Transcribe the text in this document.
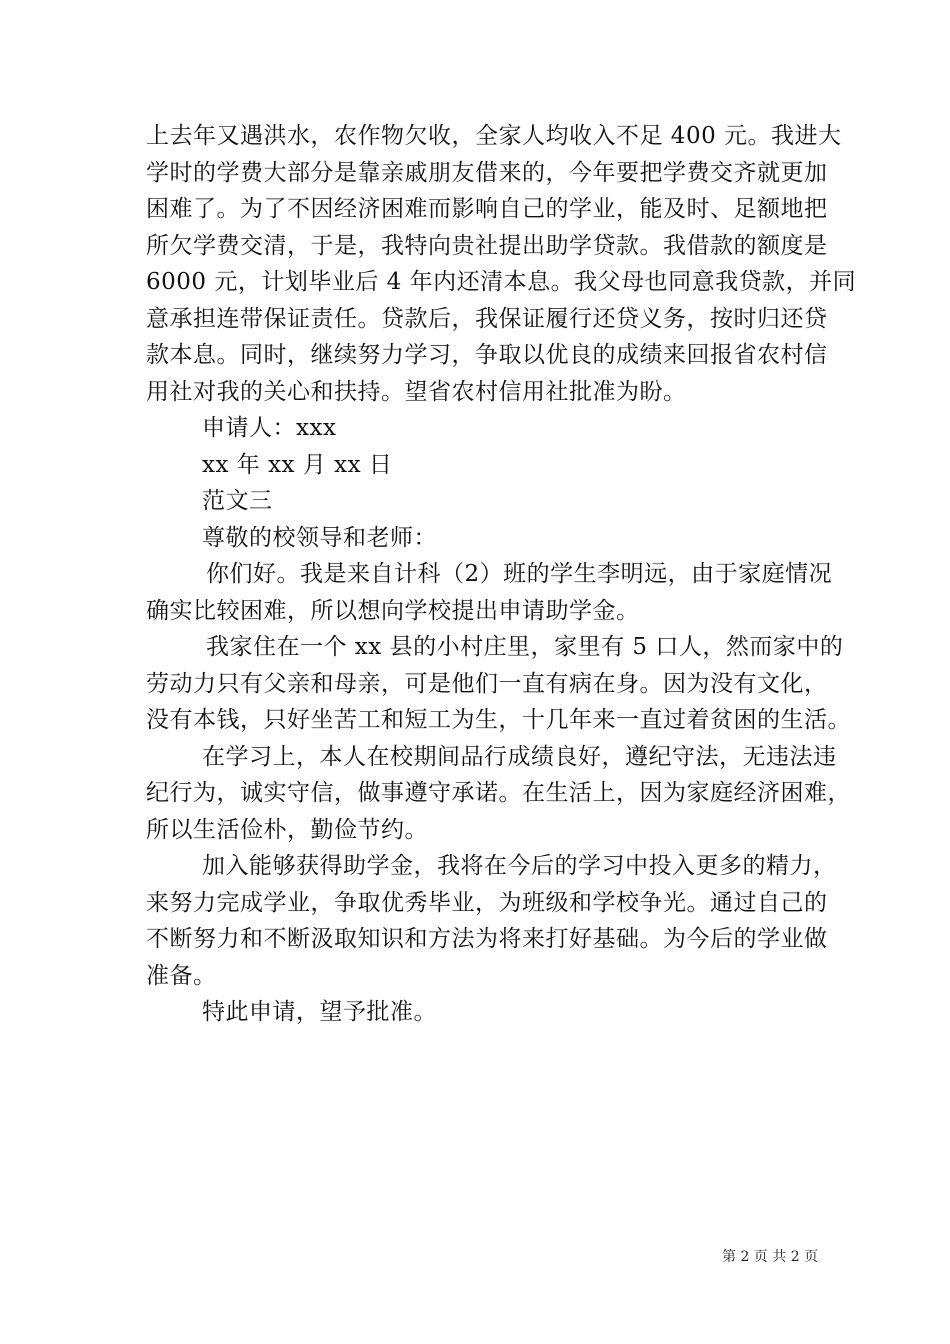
上去年又遇洪水，农作物欠收，全家人均收入不足 400 元。我进大
学时的学费大部分是靠亲戚朋友借来的，今年要把学费交齐就更加
困难了。为了不因经济困难而影响自己的学业，能及时、足额地把
所欠学费交清，于是，我特向贵社提出助学贷款。我借款的额度是
6000 元，计划毕业后 4 年内还清本息。我父母也同意我贷款，并同
意承担连带保证责任。贷款后，我保证履行还贷义务，按时归还贷
款本息。同时，继续努力学习，争取以优良的成绩来回报省农村信
用社对我的关心和扶持。望省农村信用社批准为盼。
申请人：xxx
xx 年 xx 月 xx 日
范文三
尊敬的校领导和老师：
你们好。我是来自计科（2）班的学生李明远，由于家庭情况
确实比较困难，所以想向学校提出申请助学金。
我家住在一个 xx 县的小村庄里，家里有 5 口人，然而家中的
劳动力只有父亲和母亲，可是他们一直有病在身。因为没有文化，
没有本钱，只好坐苦工和短工为生，十几年来一直过着贫困的生活。
在学习上，本人在校期间品行成绩良好，遵纪守法，无违法违
纪行为，诚实守信，做事遵守承诺。在生活上，因为家庭经济困难，
所以生活俭朴，勤俭节约。
加入能够获得助学金，我将在今后的学习中投入更多的精力，
来努力完成学业，争取优秀毕业，为班级和学校争光。通过自己的
不断努力和不断汲取知识和方法为将来打好基础。为今后的学业做
准备。
特此申请，望予批准。
第 2 页 共 2 页
